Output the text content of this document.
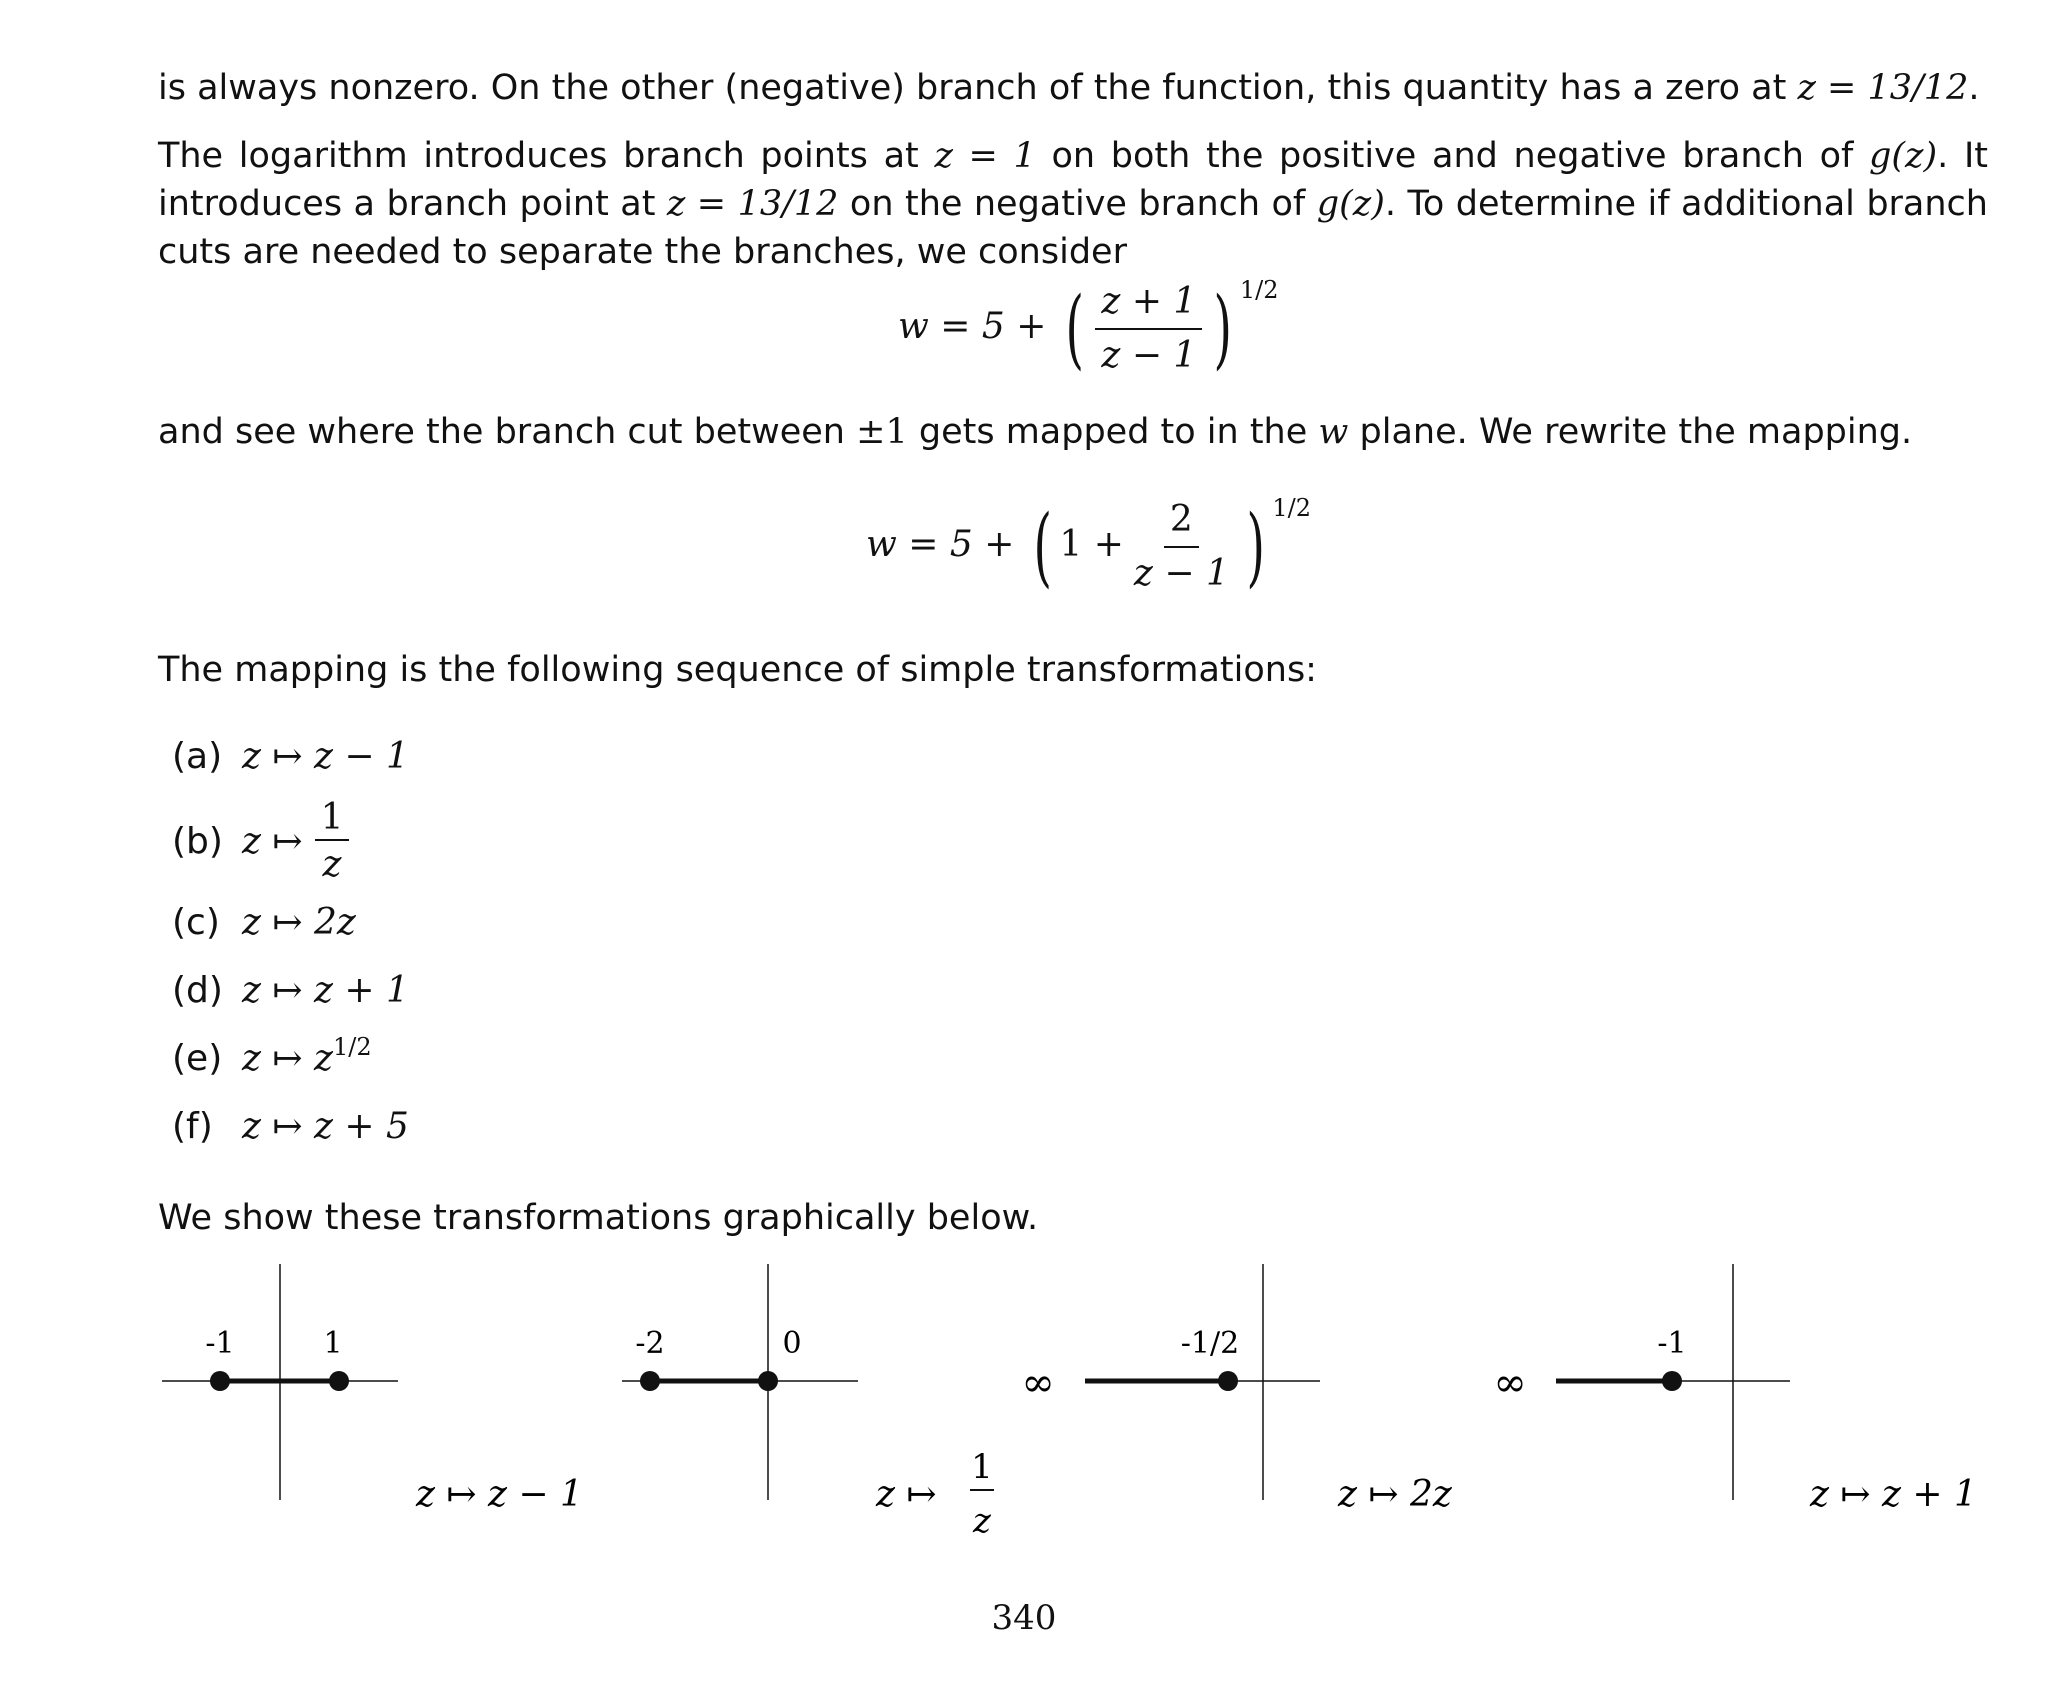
is always nonzero. On the other (negative) branch of the function, this quantity has a zero at z = 13/12.
The logarithm introduces branch points at z = 1 on both the positive and negative branch of g(z). It introduces a branch point at z = 13/12 on the negative branch of g(z). To determine if additional branch cuts are needed to separate the branches, we consider
w = 5 + ( $\frac{z + 1}{z - 1}$ ) $^{1/2}$
and see where the branch cut between ±1 gets mapped to in the w plane. We rewrite the mapping.
w = 5 + ( $1 + \frac{2}{z - 1}$ ) $^{1/2}$
The mapping is the following sequence of simple transformations:
(a) z ↦ z − 1
(b) z ↦ $\frac{1}{z}$
(c) z ↦ 2z
(d) z ↦ z + 1
(e) z ↦ z 1/2
(f) z ↦ z + 5
We show these transformations graphically below.
-1	1
z ↦ z − 1
-2	0
z ↦
1
z
∞
-1/2
z ↦ 2z
∞
-1
z ↦ z + 1
340
